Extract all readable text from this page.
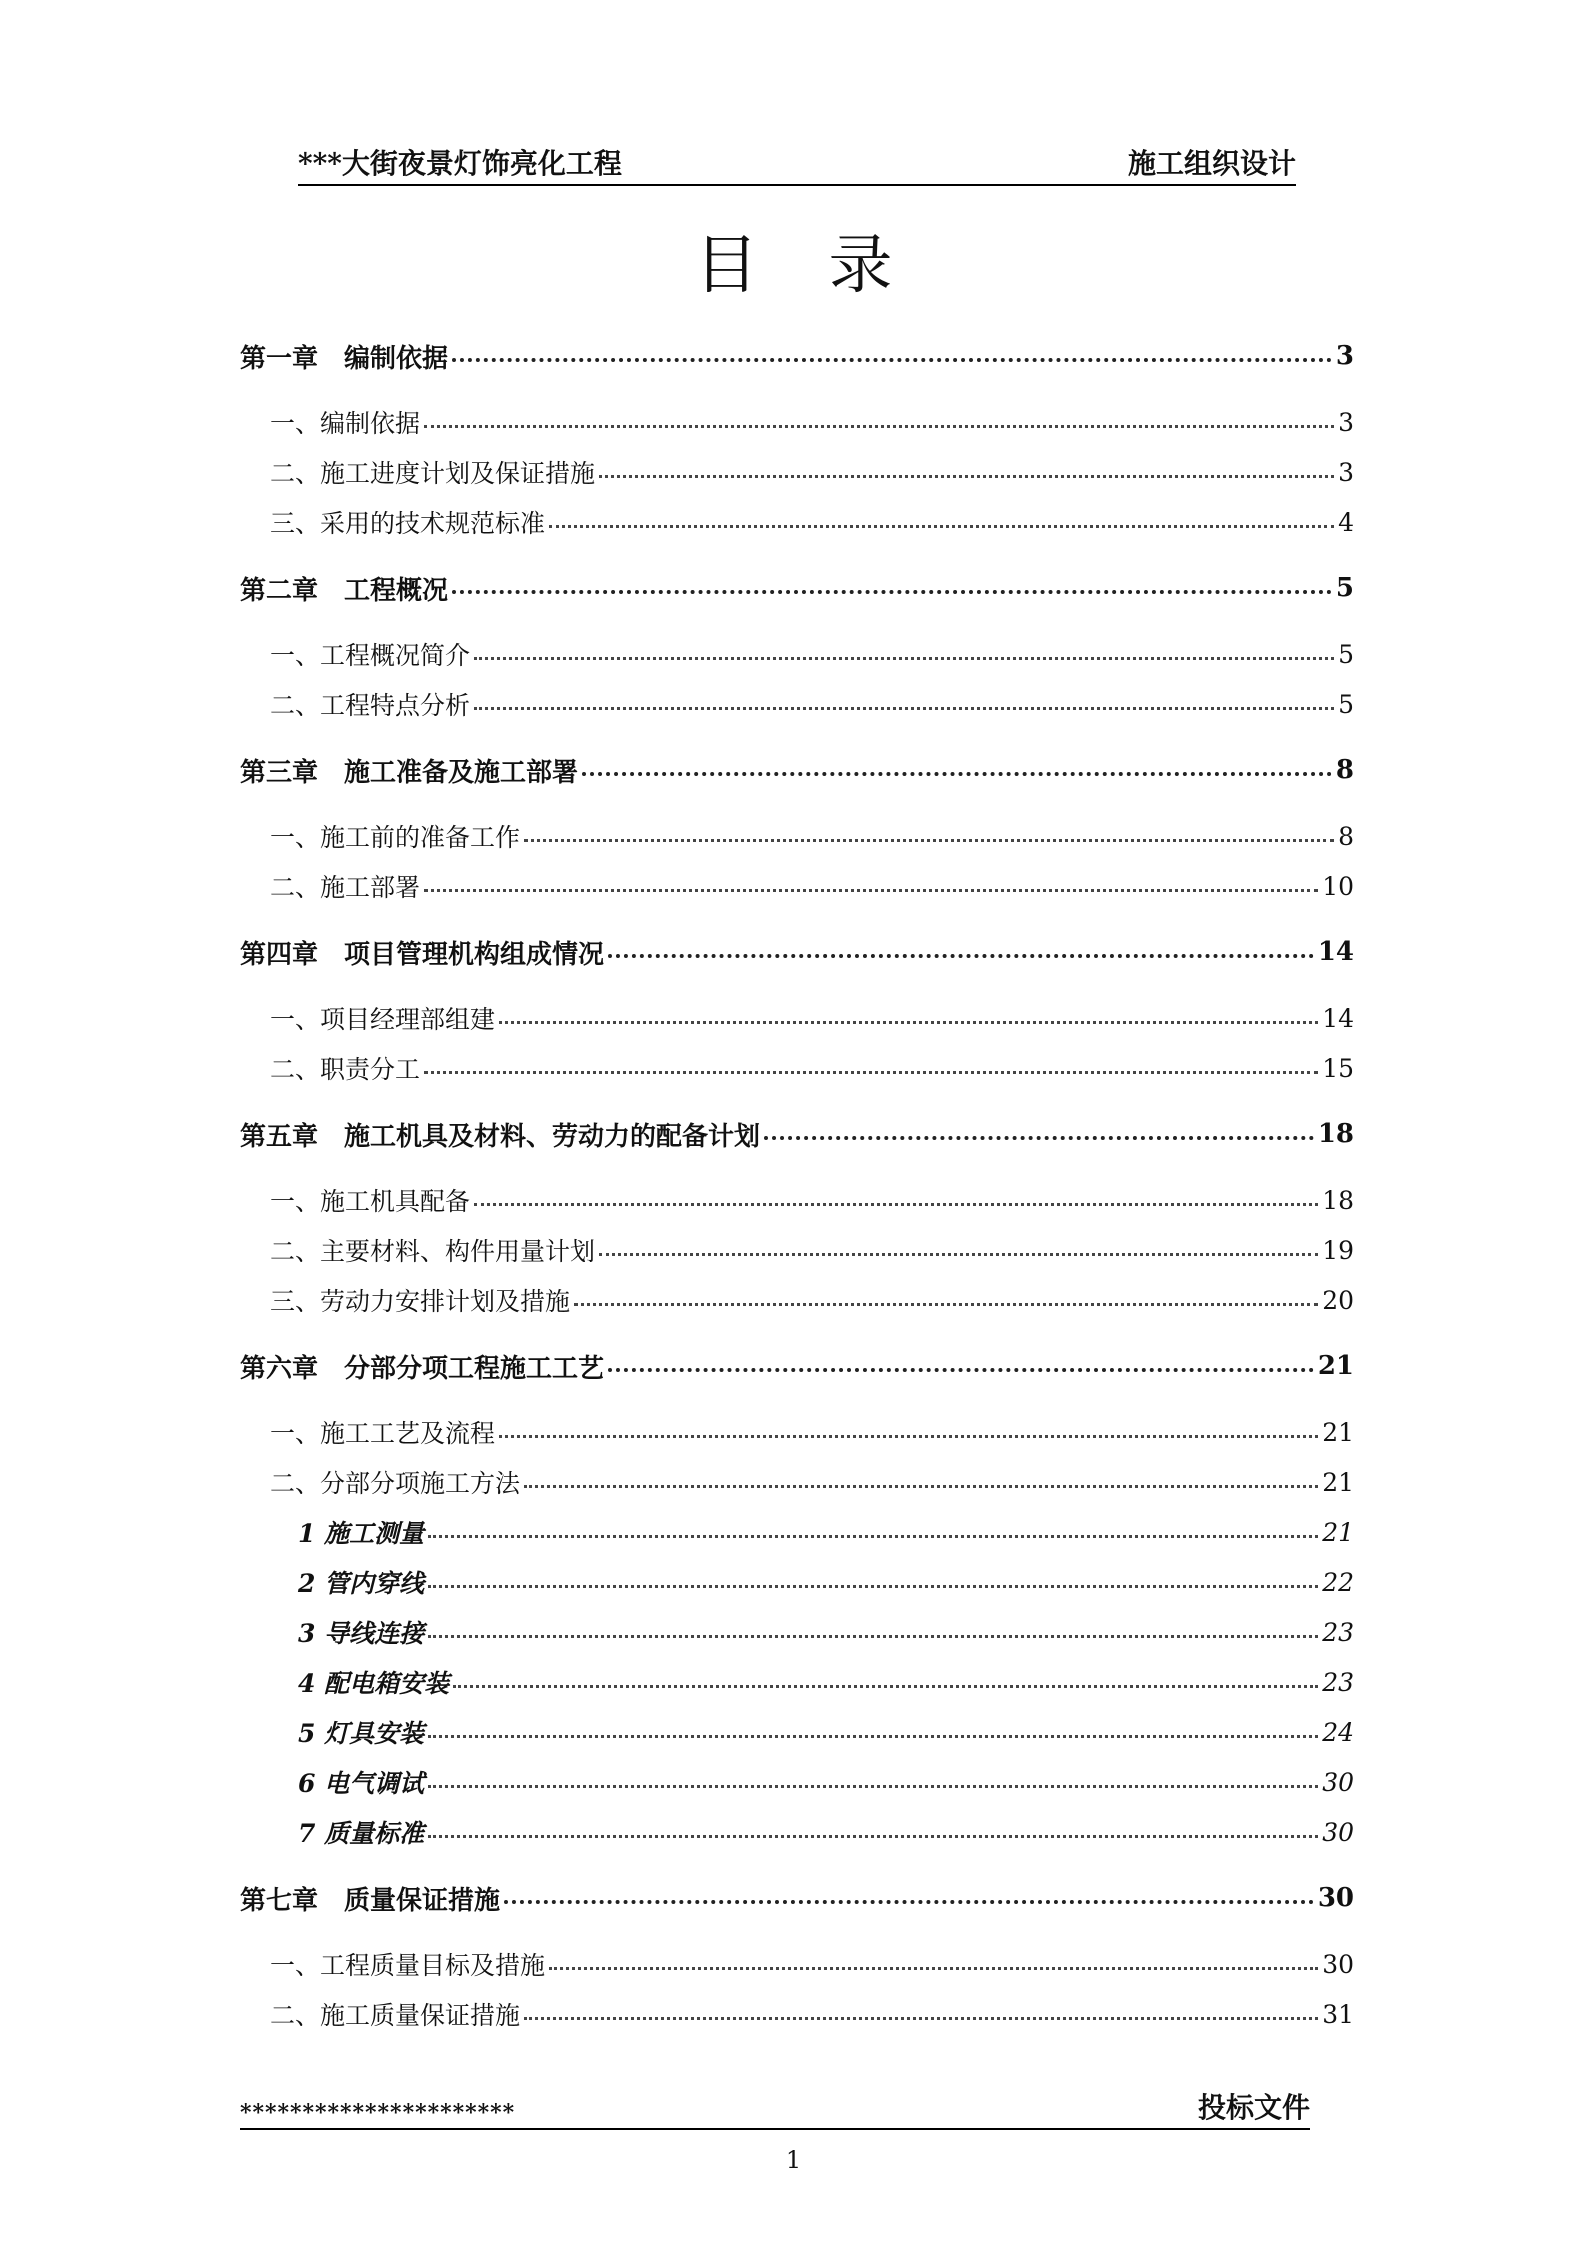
***大街夜景灯饰亮化工程	施工组织设计
目录
第一章 编制依据	3
一、编制依据	3
二、施工进度计划及保证措施	3
三、采用的技术规范标准	4
第二章 工程概况	5
一、工程概况简介	5
二、工程特点分析	5
第三章 施工准备及施工部署	8
一、施工前的准备工作	8
二、施工部署	10
第四章 项目管理机构组成情况	14
一、项目经理部组建	14
二、职责分工	15
第五章 施工机具及材料、劳动力的配备计划	18
一、施工机具配备	18
二、主要材料、构件用量计划	19
三、劳动力安排计划及措施	20
第六章 分部分项工程施工工艺	21
一、施工工艺及流程	21
二、分部分项施工方法	21
1 施工测量	21
2 管内穿线	22
3 导线连接	23
4 配电箱安装	23
5 灯具安装	24
6 电气调试	30
7 质量标准	30
第七章 质量保证措施	30
一、工程质量目标及措施	30
二、施工质量保证措施	31
**********************	投标文件
1
